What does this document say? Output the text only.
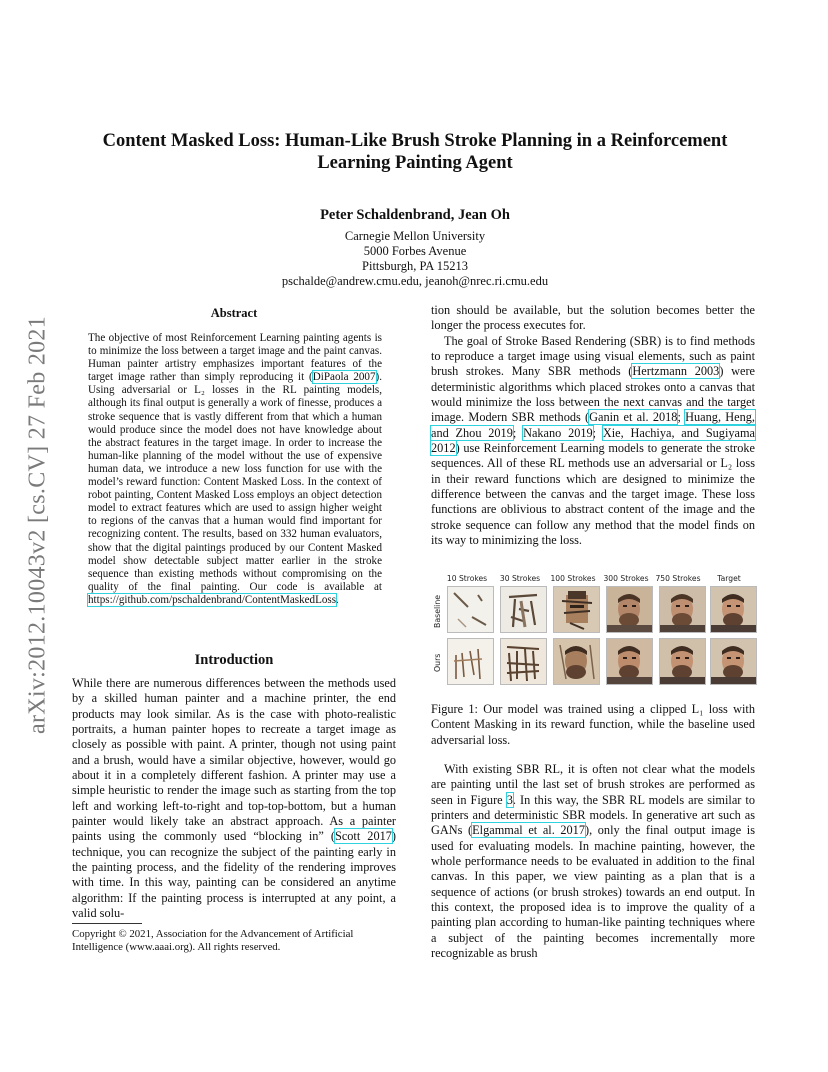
Content Masked Loss: Human-Like Brush Stroke Planning in a Reinforcement Learning Painting Agent
Peter Schaldenbrand, Jean Oh
Carnegie Mellon University
5000 Forbes Avenue
Pittsburgh, PA 15213
pschalde@andrew.cmu.edu, jeanoh@nrec.ri.cmu.edu
arXiv:2012.10043v2 [cs.CV] 27 Feb 2021
Abstract
The objective of most Reinforcement Learning painting agents is to minimize the loss between a target image and the paint canvas. Human painter artistry emphasizes important features of the target image rather than simply reproducing it (DiPaola 2007). Using adversarial or L₂ losses in the RL painting models, although its final output is generally a work of finesse, produces a stroke sequence that is vastly different from that which a human would produce since the model does not have knowledge about the abstract features in the target image. In order to increase the human-like planning of the model without the use of expensive human data, we introduce a new loss function for use with the model’s reward function: Content Masked Loss. In the context of robot painting, Content Masked Loss employs an object detection model to extract features which are used to assign higher weight to regions of the canvas that a human would find important for recognizing content. The results, based on 332 human evaluators, show that the digital paintings produced by our Content Masked model show detectable subject matter earlier in the stroke sequence than existing methods without compromising on the quality of the final painting. Our code is available at https://github.com/pschaldenbrand/ContentMaskedLoss.
Introduction
While there are numerous differences between the methods used by a skilled human painter and a machine printer, the end products may look similar. As is the case with photo-realistic portraits, a human painter hopes to recreate a target image as closely as possible with paint. A printer, though not using paint and a brush, would have a similar objective, however, would go about it in a completely different fashion. A printer may use a simple heuristic to render the image such as starting from the top left and working left-to-right and top-top-bottom, but a human painter would likely take an abstract approach. As a painter paints using the commonly used “blocking in” (Scott 2017) technique, you can recognize the subject of the painting early in the painting process, and the fidelity of the rendering improves with time. In this way, painting can be considered an anytime algorithm: If the painting process is interrupted at any point, a valid solu-
Copyright © 2021, Association for the Advancement of Artificial Intelligence (www.aaai.org). All rights reserved.

tion should be available, but the solution becomes better the longer the process executes for.

The goal of Stroke Based Rendering (SBR) is to find methods to reproduce a target image using visual elements, such as paint brush strokes. Many SBR methods (Hertzmann 2003) were deterministic algorithms which placed strokes onto a canvas that would minimize the loss between the next canvas and the target image. Modern SBR methods (Ganin et al. 2018; Huang, Heng, and Zhou 2019; Nakano 2019; Xie, Hachiya, and Sugiyama 2012) use Reinforcement Learning models to generate the stroke sequences. All of these RL methods use an adversarial or L₂ loss in their reward functions which are designed to minimize the difference between the canvas and the target image. These loss functions are oblivious to abstract content of the image and the stroke sequence can follow any method that the model finds on its way to minimizing the loss.

10 Strokes	30 Strokes	100 Strokes	300 Strokes 750 Strokes	Target
Baseline
Ours
Figure 1: Our model was trained using a clipped L₁ loss with Content Masking in its reward function, while the baseline used adversarial loss.
With existing SBR RL, it is often not clear what the models are painting until the last set of brush strokes are performed as seen in Figure 3. In this way, the SBR RL models are similar to printers and deterministic SBR models. In generative art such as GANs (Elgammal et al. 2017), only the final output image is used for evaluating models. In machine painting, however, the whole performance needs to be evaluated in addition to the final canvas. In this paper, we view painting as a plan that is a sequence of actions (or brush strokes) towards an end output. In this context, the proposed idea is to improve the quality of a painting plan according to human-like painting techniques where a subject of the painting becomes incrementally more recognizable as brush
